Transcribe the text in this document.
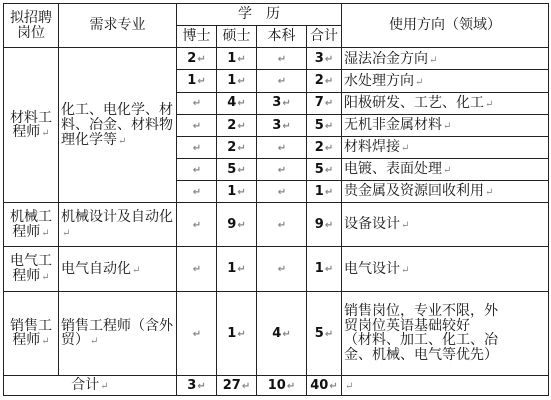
拟招聘岗位	需求专业	学　历				使用方向（领域）
		博士	硕士	本科	合计	
材料工程师↵	化工、电化学、材料、冶金、材料物理化学等↵	2↵	1↵	↵	3↵	湿法冶金方向↵
		1↵	1↵	↵	2↵	水处理方向↵
		↵	4↵	3↵	7↵	阳极研发、工艺、化工↵
		↵	2↵	3↵	5↵	无机非金属材料↵
		↵	2↵	↵	2↵	材料焊接↵
		↵	5↵	↵	5↵	电镀、表面处理↵
		↵	1↵	↵	1↵	贵金属及资源回收利用↵
机械工程师↵	机械设计及自动化↵	↵	9↵	↵	9↵	设备设计↵
电气工程师↵	电气自动化↵	↵	1↵	↵	1↵	电气设计↵
销售工程师↵	销售工程师（含外贸）↵	↵	1↵	4↵	5↵	销售岗位，专业不限，外
贸岗位英语基础较好
（材料、加工、化工、冶
金、机械、电气等优先）

合计↵		3↵	27↵	10↵	40↵	↵
